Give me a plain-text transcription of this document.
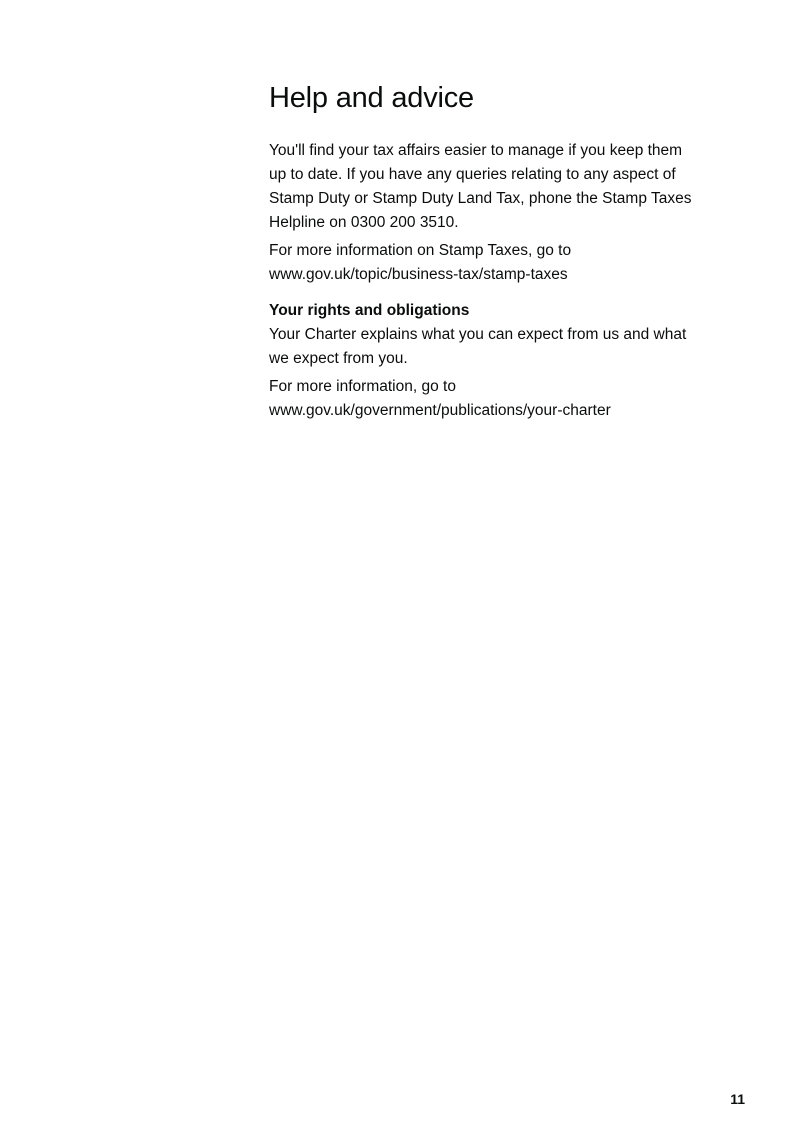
Help and advice

You'll find your tax affairs easier to manage if you keep them up to date. If you have any queries relating to any aspect of Stamp Duty or Stamp Duty Land Tax, phone the Stamp Taxes Helpline on 0300 200 3510.

For more information on Stamp Taxes, go to
www.gov.uk/topic/business-tax/stamp-taxes

Your rights and obligations

Your Charter explains what you can expect from us and what we expect from you.

For more information, go to
www.gov.uk/government/publications/your-charter

11
